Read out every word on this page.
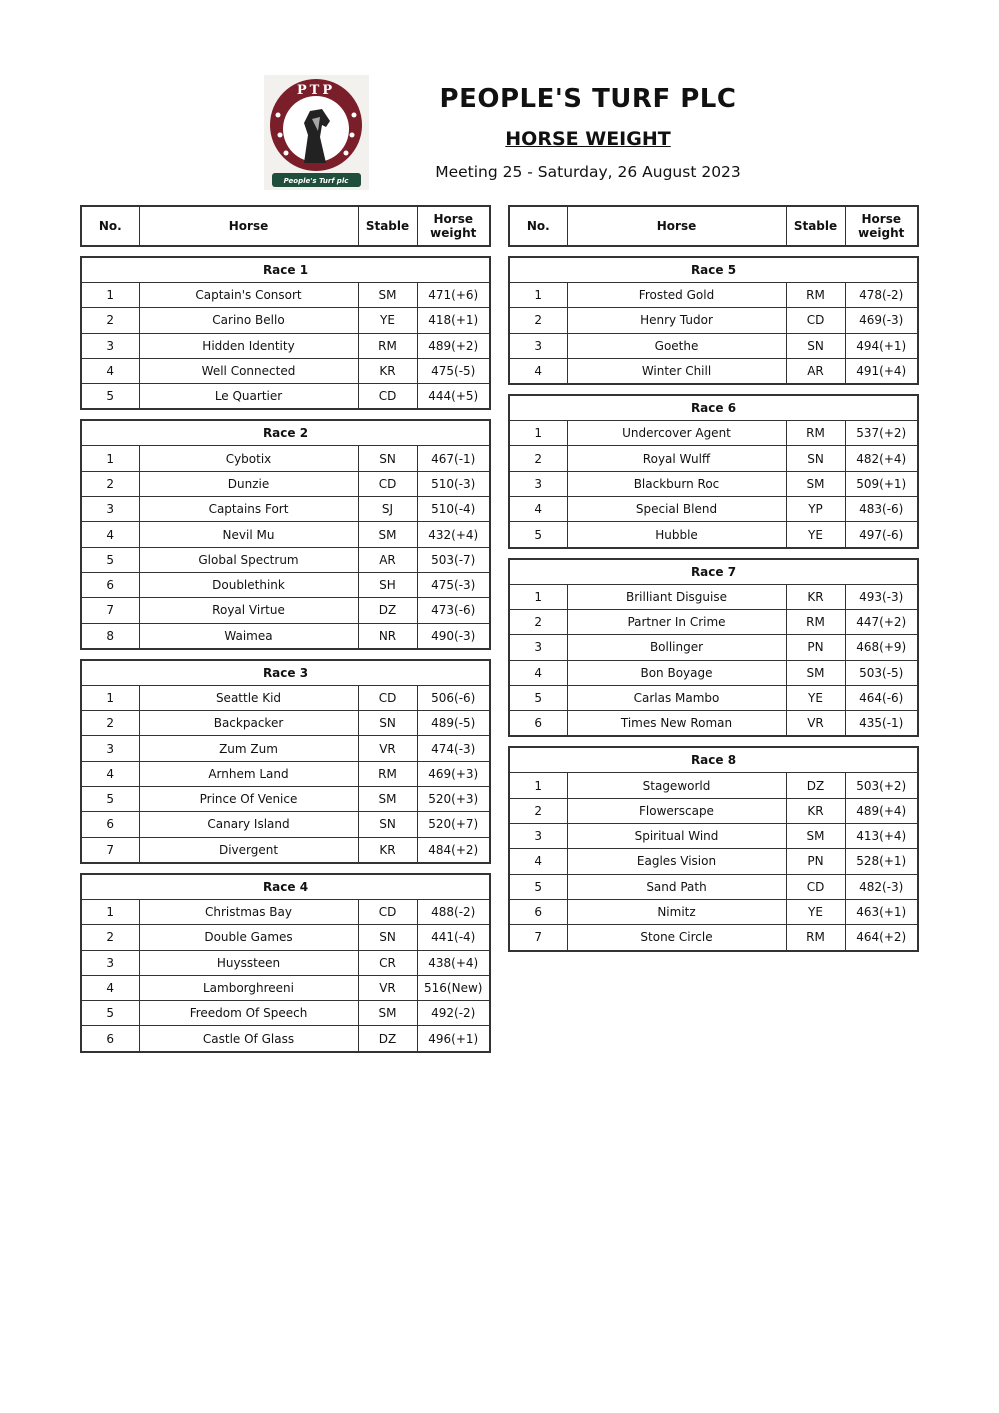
PTP
EST. 2022
People's Turf plc
PEOPLE'S TURF PLC
HORSE WEIGHT
Meeting 25 - Saturday, 26 August 2023
No.	Horse	Stable	Horse
weight
Race 1			
1	Captain's Consort	SM	471(+6)
2	Carino Bello	YE	418(+1)
3	Hidden Identity	RM	489(+2)
4	Well Connected	KR	475(-5)
5	Le Quartier	CD	444(+5)
Race 2			
1	Cybotix	SN	467(-1)
2	Dunzie	CD	510(-3)
3	Captains Fort	SJ	510(-4)
4	Nevil Mu	SM	432(+4)
5	Global Spectrum	AR	503(-7)
6	Doublethink	SH	475(-3)
7	Royal Virtue	DZ	473(-6)
8	Waimea	NR	490(-3)
Race 3			
1	Seattle Kid	CD	506(-6)
2	Backpacker	SN	489(-5)
3	Zum Zum	VR	474(-3)
4	Arnhem Land	RM	469(+3)
5	Prince Of Venice	SM	520(+3)
6	Canary Island	SN	520(+7)
7	Divergent	KR	484(+2)
Race 4			
1	Christmas Bay	CD	488(-2)
2	Double Games	SN	441(-4)
3	Huyssteen	CR	438(+4)
4	Lamborghreeni	VR	516(New)
5	Freedom Of Speech	SM	492(-2)
6	Castle Of Glass	DZ	496(+1)
No.	Horse	Stable	Horse
weight
Race 5			
1	Frosted Gold	RM	478(-2)
2	Henry Tudor	CD	469(-3)
3	Goethe	SN	494(+1)
4	Winter Chill	AR	491(+4)
Race 6			
1	Undercover Agent	RM	537(+2)
2	Royal Wulff	SN	482(+4)
3	Blackburn Roc	SM	509(+1)
4	Special Blend	YP	483(-6)
5	Hubble	YE	497(-6)
Race 7			
1	Brilliant Disguise	KR	493(-3)
2	Partner In Crime	RM	447(+2)
3	Bollinger	PN	468(+9)
4	Bon Boyage	SM	503(-5)
5	Carlas Mambo	YE	464(-6)
6	Times New Roman	VR	435(-1)
Race 8			
1	Stageworld	DZ	503(+2)
2	Flowerscape	KR	489(+4)
3	Spiritual Wind	SM	413(+4)
4	Eagles Vision	PN	528(+1)
5	Sand Path	CD	482(-3)
6	Nimitz	YE	463(+1)
7	Stone Circle	RM	464(+2)
